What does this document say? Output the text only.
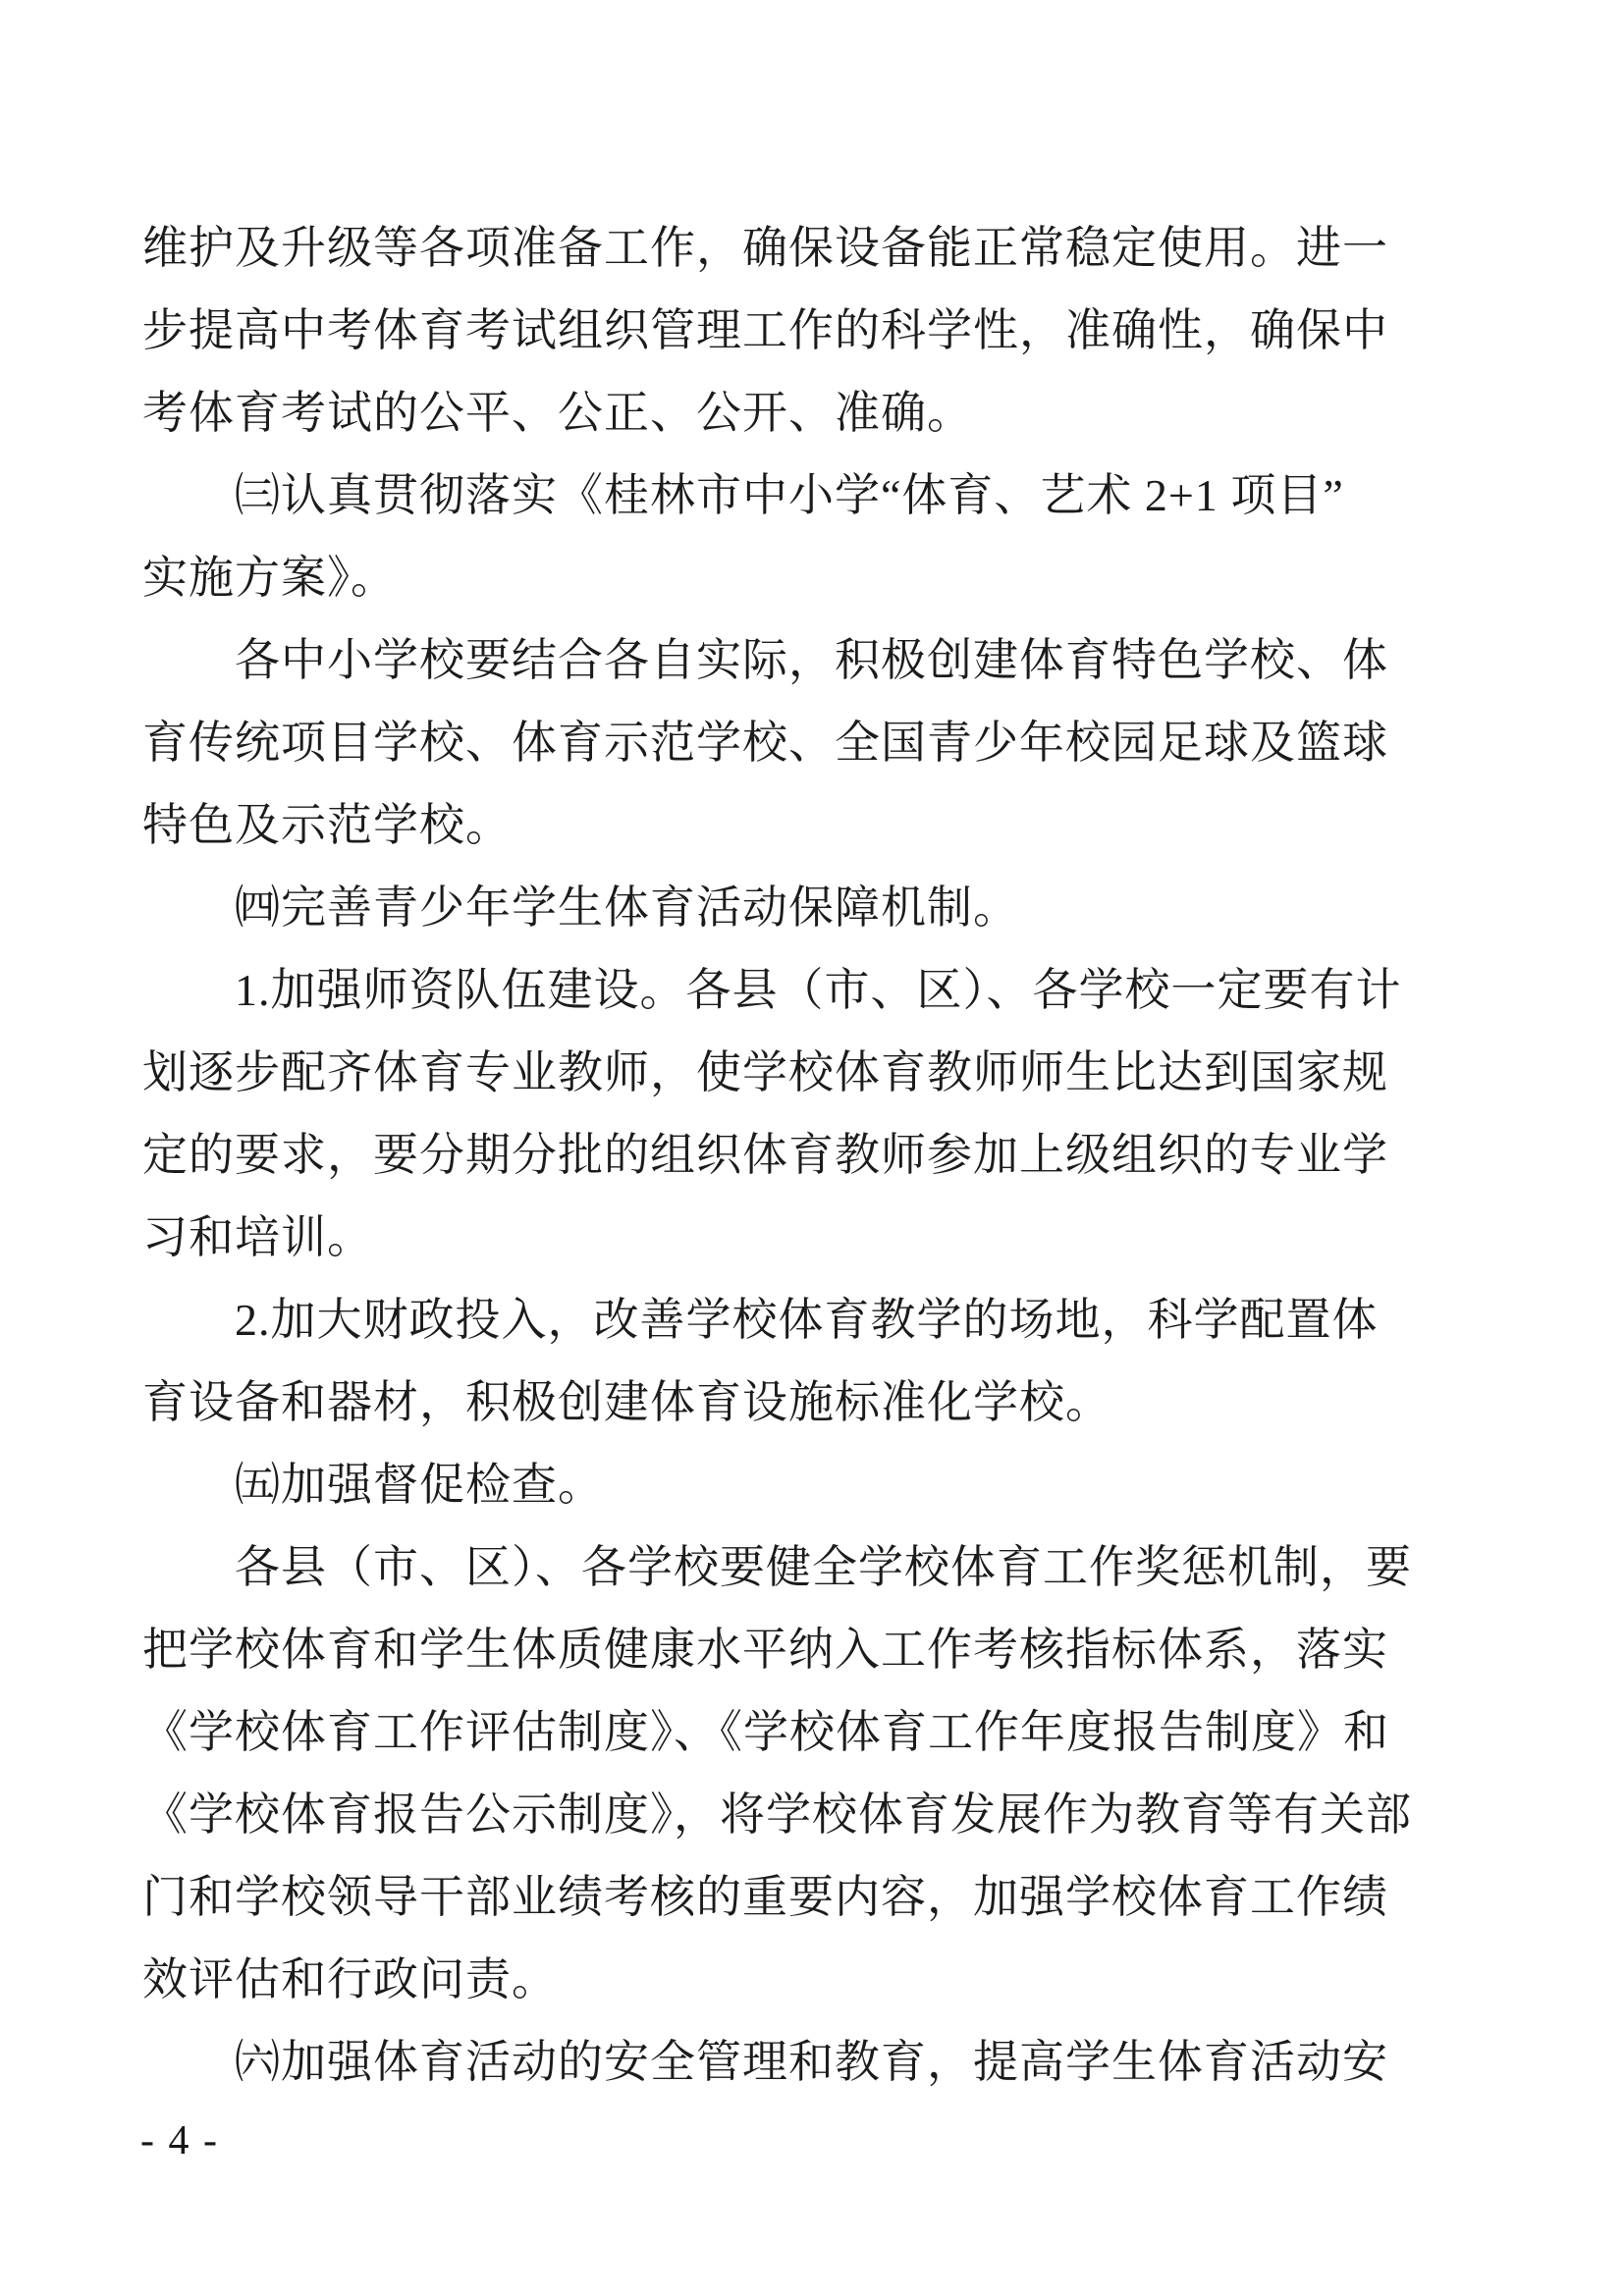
维护及升级等各项准备工作，确保设备能正常稳定使用。进一
步提高中考体育考试组织管理工作的科学性，准确性，确保中
考体育考试的公平、公正、公开、准确。
㈢认真贯彻落实《桂林市中小学“体育、艺术 2+1 项目”
实施方案》。
各中小学校要结合各自实际，积极创建体育特色学校、体
育传统项目学校、体育示范学校、全国青少年校园足球及篮球
特色及示范学校。
㈣完善青少年学生体育活动保障机制。
1.加强师资队伍建设。各县（市、区）、各学校一定要有计
划逐步配齐体育专业教师，使学校体育教师师生比达到国家规
定的要求，要分期分批的组织体育教师参加上级组织的专业学
习和培训。
2.加大财政投入，改善学校体育教学的场地，科学配置体
育设备和器材，积极创建体育设施标准化学校。
㈤加强督促检查。
各县（市、区）、各学校要健全学校体育工作奖惩机制，要
把学校体育和学生体质健康水平纳入工作考核指标体系，落实
《学校体育工作评估制度》、《学校体育工作年度报告制度》和
《学校体育报告公示制度》，将学校体育发展作为教育等有关部
门和学校领导干部业绩考核的重要内容，加强学校体育工作绩
效评估和行政问责。
㈥加强体育活动的安全管理和教育，提高学生体育活动安
- 4 -
